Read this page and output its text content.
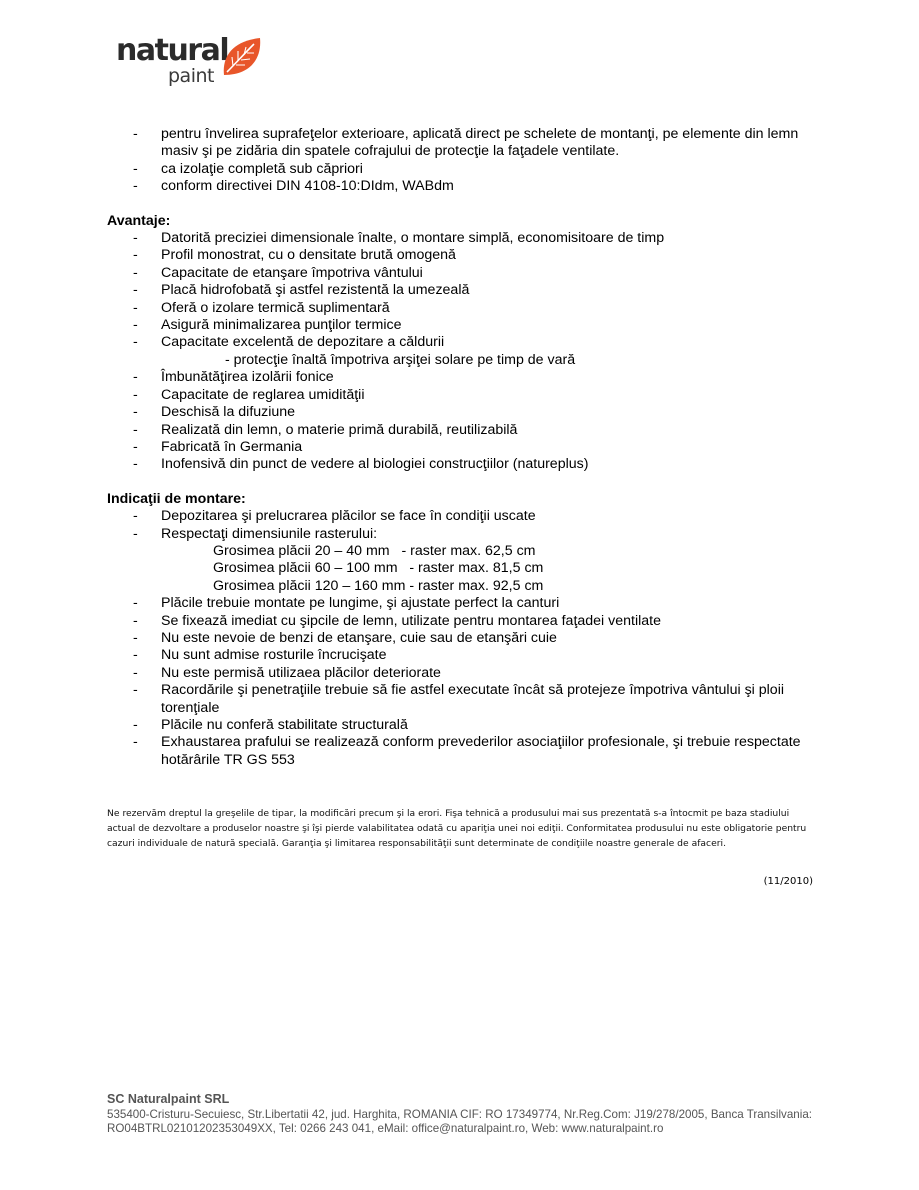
natural
paint
- pentru învelirea suprafeţelor exterioare, aplicată direct pe schelete de montanţi, pe elemente din lemn masiv şi pe zidăria din spatele cofrajului de protecţie la faţadele ventilate.
- ca izolaţie completă sub căpriori
- conform directivei DIN 4108-10:DIdm, WABdm

Avantaje:

- Datorită preciziei dimensionale înalte, o montare simplă, economisitoare de timp
- Profil monostrat, cu o densitate brută omogenă
- Capacitate de etanşare împotriva vântului
- Placă hidrofobată şi astfel rezistentă la umezeală
- Oferă o izolare termică suplimentară
- Asigură minimalizarea punţilor termice
- Capacitate excelentă de depozitare a căldurii
- protecţie înaltă împotriva arşiţei solare pe timp de vară
- Îmbunătăţirea izolării fonice
- Capacitate de reglarea umidităţii
- Deschisă la difuziune
- Realizată din lemn, o materie primă durabilă, reutilizabilă
- Fabricată în Germania
- Inofensivă din punct de vedere al biologiei construcţiilor (natureplus)

Indicaţii de montare:

- Depozitarea şi prelucrarea plăcilor se face în condiţii uscate
- Respectaţi dimensiunile rasterului:
Grosimea plăcii 20 – 40 mm   - raster max. 62,5 cm
Grosimea plăcii 60 – 100 mm   - raster max. 81,5 cm
Grosimea plăcii 120 – 160 mm - raster max. 92,5 cm
- Plăcile trebuie montate pe lungime, şi ajustate perfect la canturi
- Se fixează imediat cu şipcile de lemn, utilizate pentru montarea faţadei ventilate
- Nu este nevoie de benzi de etanşare, cuie sau de etanşări cuie
- Nu sunt admise rosturile încrucişate
- Nu este permisă utilizaea plăcilor deteriorate
- Racordările şi penetraţiile trebuie să fie astfel executate încât să protejeze împotriva vântului şi ploii torenţiale
- Plăcile nu conferă stabilitate structurală
- Exhaustarea prafului se realizează conform prevederilor asociaţiilor profesionale, şi trebuie respectate hotărârile TR GS 553
Ne rezervăm dreptul la greşelile de tipar, la modificări precum şi la erori. Fişa tehnică a produsului mai sus prezentată s-a întocmit pe baza stadiului actual de dezvoltare a produselor noastre şi îşi pierde valabilitatea odată cu apariţia unei noi ediţii. Conformitatea produsului nu este obligatorie pentru cazuri individuale de natură specială. Garanţia şi limitarea responsabilităţii sunt determinate de condiţiile noastre generale de afaceri.
(11/2010)
SC Naturalpaint SRL
535400-Cristuru-Secuiesc, Str.Libertatii 42, jud. Harghita, ROMANIA CIF: RO 17349774, Nr.Reg.Com: J19/278/2005, Banca Transilvania: RO04BTRL02101202353049XX, Tel: 0266 243 041, eMail: office@naturalpaint.ro, Web: www.naturalpaint.ro
